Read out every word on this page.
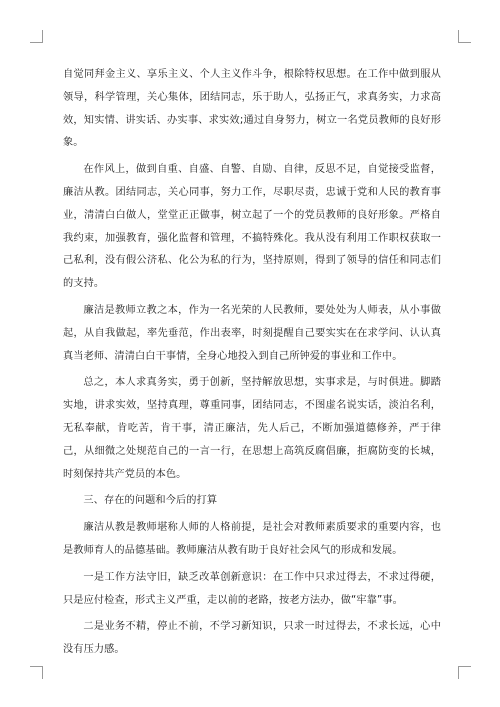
自觉同拜金主义、享乐主义、个人主义作斗争，根除特权思想。在工作中做到服从领导，科学管理，关心集体，团结同志，乐于助人，弘扬正气，求真务实，力求高效，知实情、讲实话、办实事、求实效;通过自身努力，树立一名党员教师的良好形象。

在作风上，做到自重、自盛、自警、自励、自律，反思不足，自觉接受监督，廉洁从教。团结同志，关心同事，努力工作，尽职尽责，忠诚于党和人民的教育事业，清清白白做人，堂堂正正做事，树立起了一个的党员教师的良好形象。严格自我约束，加强教育，强化监督和管理，不搞特殊化。我从没有利用工作职权获取一己私利，没有假公济私、化公为私的行为，坚持原则，得到了领导的信任和同志们的支持。

廉洁是教师立教之本，作为一名光荣的人民教师，要处处为人师表，从小事做起，从自我做起，率先垂范，作出表率，时刻提醒自己要实实在在求学问、认认真真当老师、清清白白干事情，全身心地投入到自己所钟爱的事业和工作中。

总之，本人求真务实，勇于创新，坚持解放思想，实事求是，与时俱进。脚踏实地，讲求实效，坚持真理，尊重同事，团结同志，不图虚名说实话，淡泊名利，无私奉献，肯吃苦，肯干事，清正廉洁，先人后己，不断加强道德修养，严于律己，从细微之处规范自己的一言一行，在思想上高筑反腐倡廉，拒腐防变的长城，时刻保持共产党员的本色。

三、存在的问题和今后的打算

廉洁从教是教师堪称人师的人格前提，是社会对教师素质要求的重要内容，也是教师育人的品德基础。教师廉洁从教有助于良好社会风气的形成和发展。

一是工作方法守旧，缺乏改革创新意识：在工作中只求过得去，不求过得硬，只是应付检查，形式主义严重，走以前的老路，按老方法办，做“牢靠”事。

二是业务不精，停止不前，不学习新知识，只求一时过得去，不求长远，心中没有压力感。
